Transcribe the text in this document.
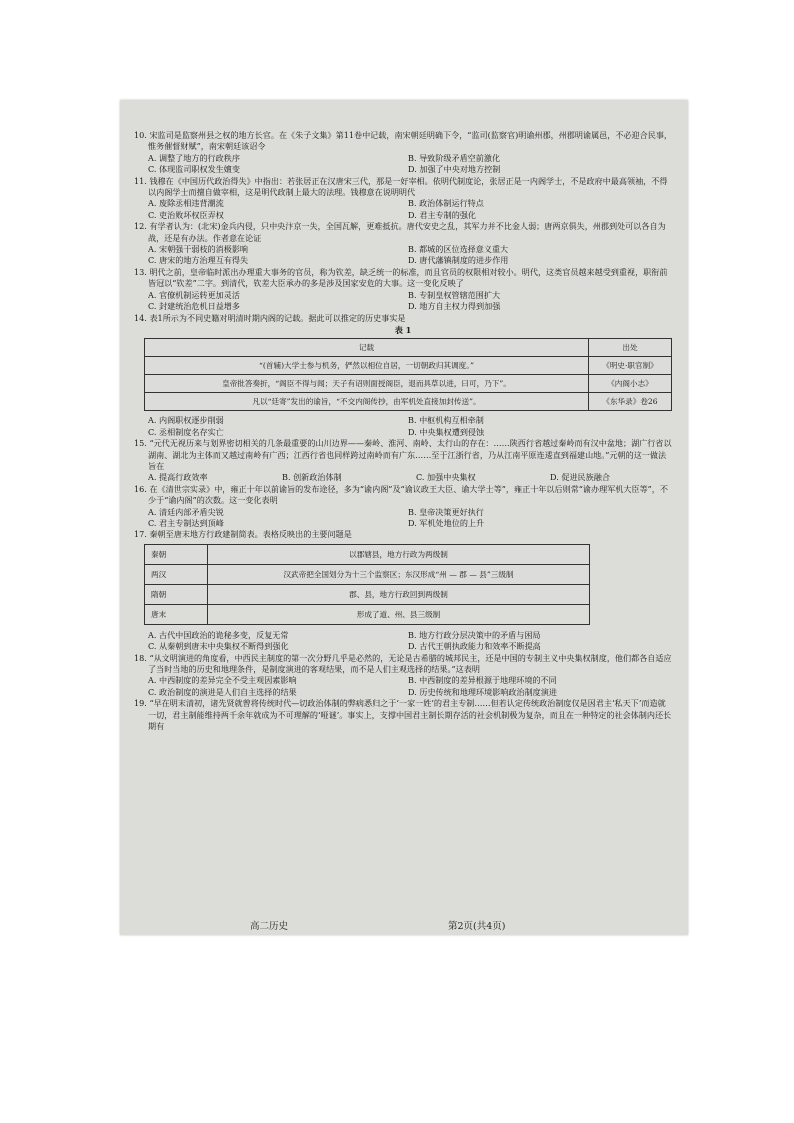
10. 宋监司是监察州县之权的地方长官。在《朱子文集》第11卷中记载，南宋朝廷明确下令，“监司(监察官)明谕州郡，州郡明谕属邑，不必迎合民事，惟务催督财赋”，南宋朝廷该诏令

A. 调整了地方的行政秩序	B. 导致阶级矛盾空前激化
C. 体现监司职权发生嬗变	D. 加强了中央对地方控制

11. 钱穆在《中国历代政治得失》中指出：若张居正在汉唐宋三代，那是一好宰相。依明代制度论，张居正是一内阁学士，不是政府中最高领袖，不得以内阁学士而擅自做宰相，这是明代政制上最大的法理。钱穆意在说明明代

A. 废除丞相违背潮流	B. 政治体制运行特点
C. 吏治败坏权臣弄权	D. 君主专制的强化

12. 有学者认为：(北宋)金兵内侵，只中央汴京一失，全国瓦解，更难抵抗。唐代安史之乱，其军力并不比金人弱；唐两京俱失，州郡到处可以各自为战，还是有办法。作者意在论证

A. 宋朝强干弱枝的消极影响	B. 都城的区位选择意义重大
C. 唐宋的地方治理互有得失	D. 唐代藩镇制度的进步作用

13. 明代之前，皇帝临时派出办理重大事务的官员，称为钦差，缺乏统一的标准，而且官员的权限相对较小。明代，这类官员越来越受到重视，职衔前皆冠以“钦差”二字。到清代，钦差大臣承办的多是涉及国家安危的大事。这一变化反映了

A. 官僚机制运转更加灵活	B. 专制皇权管辖范围扩大
C. 封建统治危机日益增多	D. 地方自主权力得到加强

14. 表1所示为不同史籍对明清时期内阁的记载。据此可以推定的历史事实是

表 1
记载	出处
“(首辅)大学士参与机务，俨然以相位自居，一切朝政归其调度。”	《明史·职官制》
皇帝批答奏折，“阁臣不得与闻；天子有诏则面授阁臣，退而具草以进，曰可，乃下”。	《内阁小志》
凡以“廷寄”发出的谕旨，“不交内阁传抄，由军机处直接加封传送”。	《东华录》卷26
A. 内阁职权逐步削弱	B. 中枢机构互相牵制
C. 丞相制度名存实亡	D. 中央集权遭到侵蚀

15. “元代无视历来与划界密切相关的几条最重要的山川边界——秦岭、淮河、南岭、太行山的存在：……陕西行省越过秦岭而有汉中盆地；湖广行省以湖南、湖北为主体而又越过南岭有广西；江西行省也同样跨过南岭而有广东……至于江浙行省，乃从江南平原连逶直到福建山地。”元朝的这一做法旨在

A. 提高行政效率	B. 创新政治体制	C. 加强中央集权	D. 促进民族融合

16. 在《清世宗实录》中，雍正十年以前谕旨的发布途径，多为“谕内阁”及“谕议政王大臣、谕大学士等”，雍正十年以后则常“谕办理军机大臣等”，不少于“谕内阁”的次数。这一变化表明

A. 清廷内部矛盾尖锐	B. 皇帝决策更好执行
C. 君主专制达到顶峰	D. 军机处地位的上升

17. 秦朝至唐末地方行政建制简表。表格反映出的主要问题是

秦朝	以郡辖县，地方行政为两级制
两汉	汉武帝把全国划分为十三个监察区；东汉形成“州 — 郡 — 县”三级制
隋朝	郡、县，地方行政回到两级制
唐末	形成了道、州、县三级制
A. 古代中国政治的诡秘多变，反复无常	B. 地方行政分层决策中的矛盾与困局
C. 从秦朝到唐末中央集权不断得到强化	D. 古代王朝执政能力和效率不断提高

18. “从文明演进的角度看，中西民主制度的第一次分野几乎是必然的，无论是古希腊的城邦民主，还是中国的专制主义中央集权制度，他们都各自适应了当时当地的历史和地理条件，是制度演进的客观结果，而不是人们主观选择的结果。”这表明

A. 中西制度的差异完全不受主观因素影响	B. 中西制度的差异根源于地理环境的不同
C. 政治制度的演进是人们自主选择的结果	D. 历史传统和地理环境影响政治制度演进

19. “早在明末清初，诸先贤就曾将传统时代—切政治体制的弊病悉归之于‘一家一姓’的君主专制……但若认定传统政治制度仅是因君主‘私天下’而造就一切，君主制能维持两千余年就成为不可理解的‘哑谜’。事实上，支撑中国君主制长期存活的社会机制极为复杂，而且在一种特定的社会体制内还长期有

高二历史	第2页(共4页)
